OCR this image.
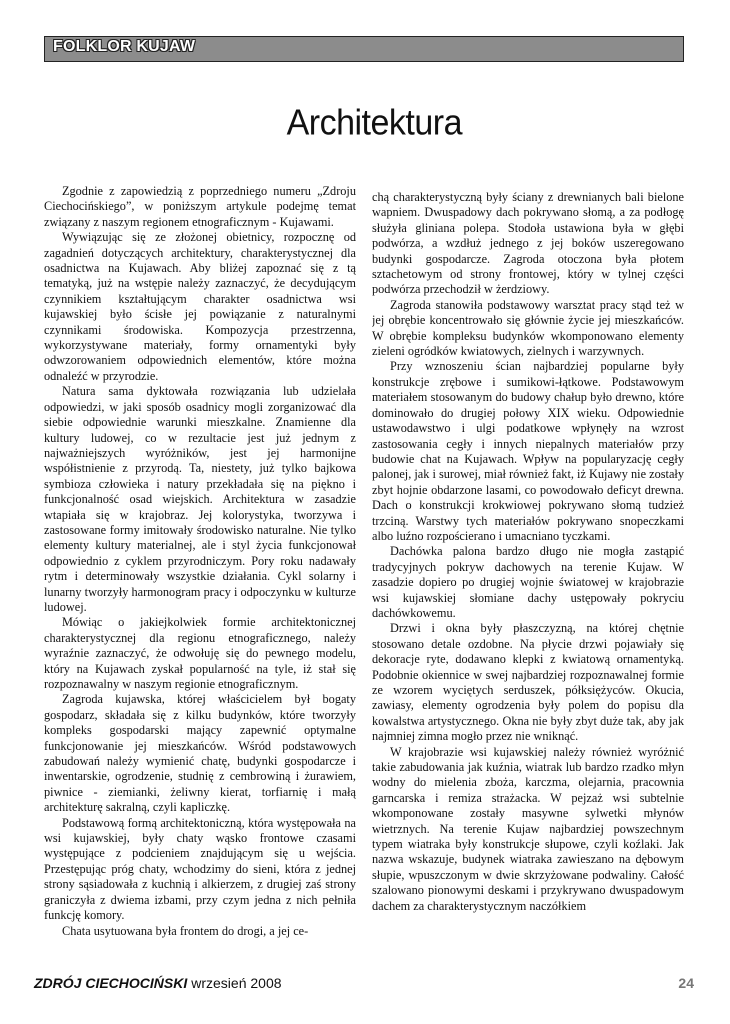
FOLKLOR KUJAW
Architektura

Zgodnie z zapowiedzią z poprzedniego numeru „Zdroju Ciechocińskiego”, w poniższym artykule podejmę temat związany z naszym regionem etnograficznym - Kujawami.

Wywiązując się ze złożonej obietnicy, rozpocznę od zagadnień dotyczących architektury, charakterystycznej dla osadnictwa na Kujawach. Aby bliżej zapoznać się z tą tematyką, już na wstępie należy zaznaczyć, że decydującym czynnikiem kształtującym charakter osadnictwa wsi kujawskiej było ścisłe jej powiązanie z naturalnymi czynnikami środowiska. Kompozycja przestrzenna, wykorzystywane materiały, formy ornamentyki były odwzorowaniem odpowiednich elementów, które można odnaleźć w przyrodzie.

Natura sama dyktowała rozwiązania lub udzielała odpowiedzi, w jaki sposób osadnicy mogli zorganizować dla siebie odpowiednie warunki mieszkalne. Znamienne dla kultury ludowej, co w rezultacie jest już jednym z najważniejszych wyróżników, jest jej harmonijne współistnienie z przyrodą. Ta, niestety, już tylko bajkowa symbioza człowieka i natury przekładała się na piękno i funkcjonalność osad wiejskich. Architektura w zasadzie wtapiała się w krajobraz. Jej kolorystyka, tworzywa i zastosowane formy imitowały środowisko naturalne. Nie tylko elementy kultury materialnej, ale i styl życia funkcjonował odpowiednio z cyklem przyrodniczym. Pory roku nadawały rytm i determinowały wszystkie działania. Cykl solarny i lunarny tworzyły harmonogram pracy i odpoczynku w kulturze ludowej.

Mówiąc o jakiejkolwiek formie architektonicznej charakterystycznej dla regionu etnograficznego, należy wyraźnie zaznaczyć, że odwołuję się do pewnego modelu, który na Kujawach zyskał popularność na tyle, iż stał się rozpoznawalny w naszym regionie etnograficznym.

Zagroda kujawska, której właścicielem był bogaty gospodarz, składała się z kilku budynków, które tworzyły kompleks gospodarski mający zapewnić optymalne funkcjonowanie jej mieszkańców. Wśród podstawowych zabudowań należy wymienić chatę, budynki gospodarcze i inwentarskie, ogrodzenie, studnię z cembrowiną i żurawiem, piwnice - ziemianki, żeliwny kierat, torfiarnię i małą architekturę sakralną, czyli kapliczkę.

Podstawową formą architektoniczną, która występowała na wsi kujawskiej, były chaty wąsko frontowe czasami występujące z podcieniem znajdującym się u wejścia. Przestępując próg chaty, wchodzimy do sieni, która z jednej strony sąsiadowała z kuchnią i alkierzem, z drugiej zaś strony graniczyła z dwiema izbami, przy czym jedna z nich pełniła funkcję komory.

Chata usytuowana była frontem do drogi, a jej ce-

chą charakterystyczną były ściany z drewnianych bali bielone wapniem. Dwuspadowy dach pokrywano słomą, a za podłogę służyła gliniana polepa. Stodoła ustawiona była w głębi podwórza, a wzdłuż jednego z jej boków uszeregowano budynki gospodarcze. Zagroda otoczona była płotem sztachetowym od strony frontowej, który w tylnej części podwórza przechodził w żerdziowy.

Zagroda stanowiła podstawowy warsztat pracy stąd też w jej obrębie koncentrowało się głównie życie jej mieszkańców. W obrębie kompleksu budynków wkomponowano elementy zieleni ogródków kwiatowych, zielnych i warzywnych.

Przy wznoszeniu ścian najbardziej popularne były konstrukcje zrębowe i sumikowi-łątkowe. Podstawowym materiałem stosowanym do budowy chałup było drewno, które dominowało do drugiej połowy XIX wieku. Odpowiednie ustawodawstwo i ulgi podatkowe wpłynęły na wzrost zastosowania cegły i innych niepalnych materiałów przy budowie chat na Kujawach. Wpływ na popularyzację cegły palonej, jak i surowej, miał również fakt, iż Kujawy nie zostały zbyt hojnie obdarzone lasami, co powodowało deficyt drewna. Dach o konstrukcji krokwiowej pokrywano słomą tudzież trzciną. Warstwy tych materiałów pokrywano snopeczkami albo luźno rozpościerano i umacniano tyczkami.

Dachówka palona bardzo długo nie mogła zastąpić tradycyjnych pokryw dachowych na terenie Kujaw. W zasadzie dopiero po drugiej wojnie światowej w krajobrazie wsi kujawskiej słomiane dachy ustępowały pokryciu dachówkowemu.

Drzwi i okna były płaszczyzną, na której chętnie stosowano detale ozdobne. Na płycie drzwi pojawiały się dekoracje ryte, dodawano klepki z kwiatową ornamentyką. Podobnie okiennice w swej najbardziej rozpoznawalnej formie ze wzorem wyciętych serduszek, półksiężyców. Okucia, zawiasy, elementy ogrodzenia były polem do popisu dla kowalstwa artystycznego. Okna nie były zbyt duże tak, aby jak najmniej zimna mogło przez nie wniknąć.

W krajobrazie wsi kujawskiej należy również wyróżnić takie zabudowania jak kuźnia, wiatrak lub bardzo rzadko młyn wodny do mielenia zboża, karczma, olejarnia, pracownia garncarska i remiza strażacka. W pejzaż wsi subtelnie wkomponowane zostały masywne sylwetki młynów wietrznych. Na terenie Kujaw najbardziej powszechnym typem wiatraka były konstrukcje słupowe, czyli koźlaki. Jak nazwa wskazuje, budynek wiatraka zawieszano na dębowym słupie, wpuszczonym w dwie skrzyżowane podwaliny. Całość szalowano pionowymi deskami i przykrywano dwuspadowym dachem za charakterystycznym naczółkiem

ZDRÓJ CIECHOCIŃSKI wrzesień 2008	24
